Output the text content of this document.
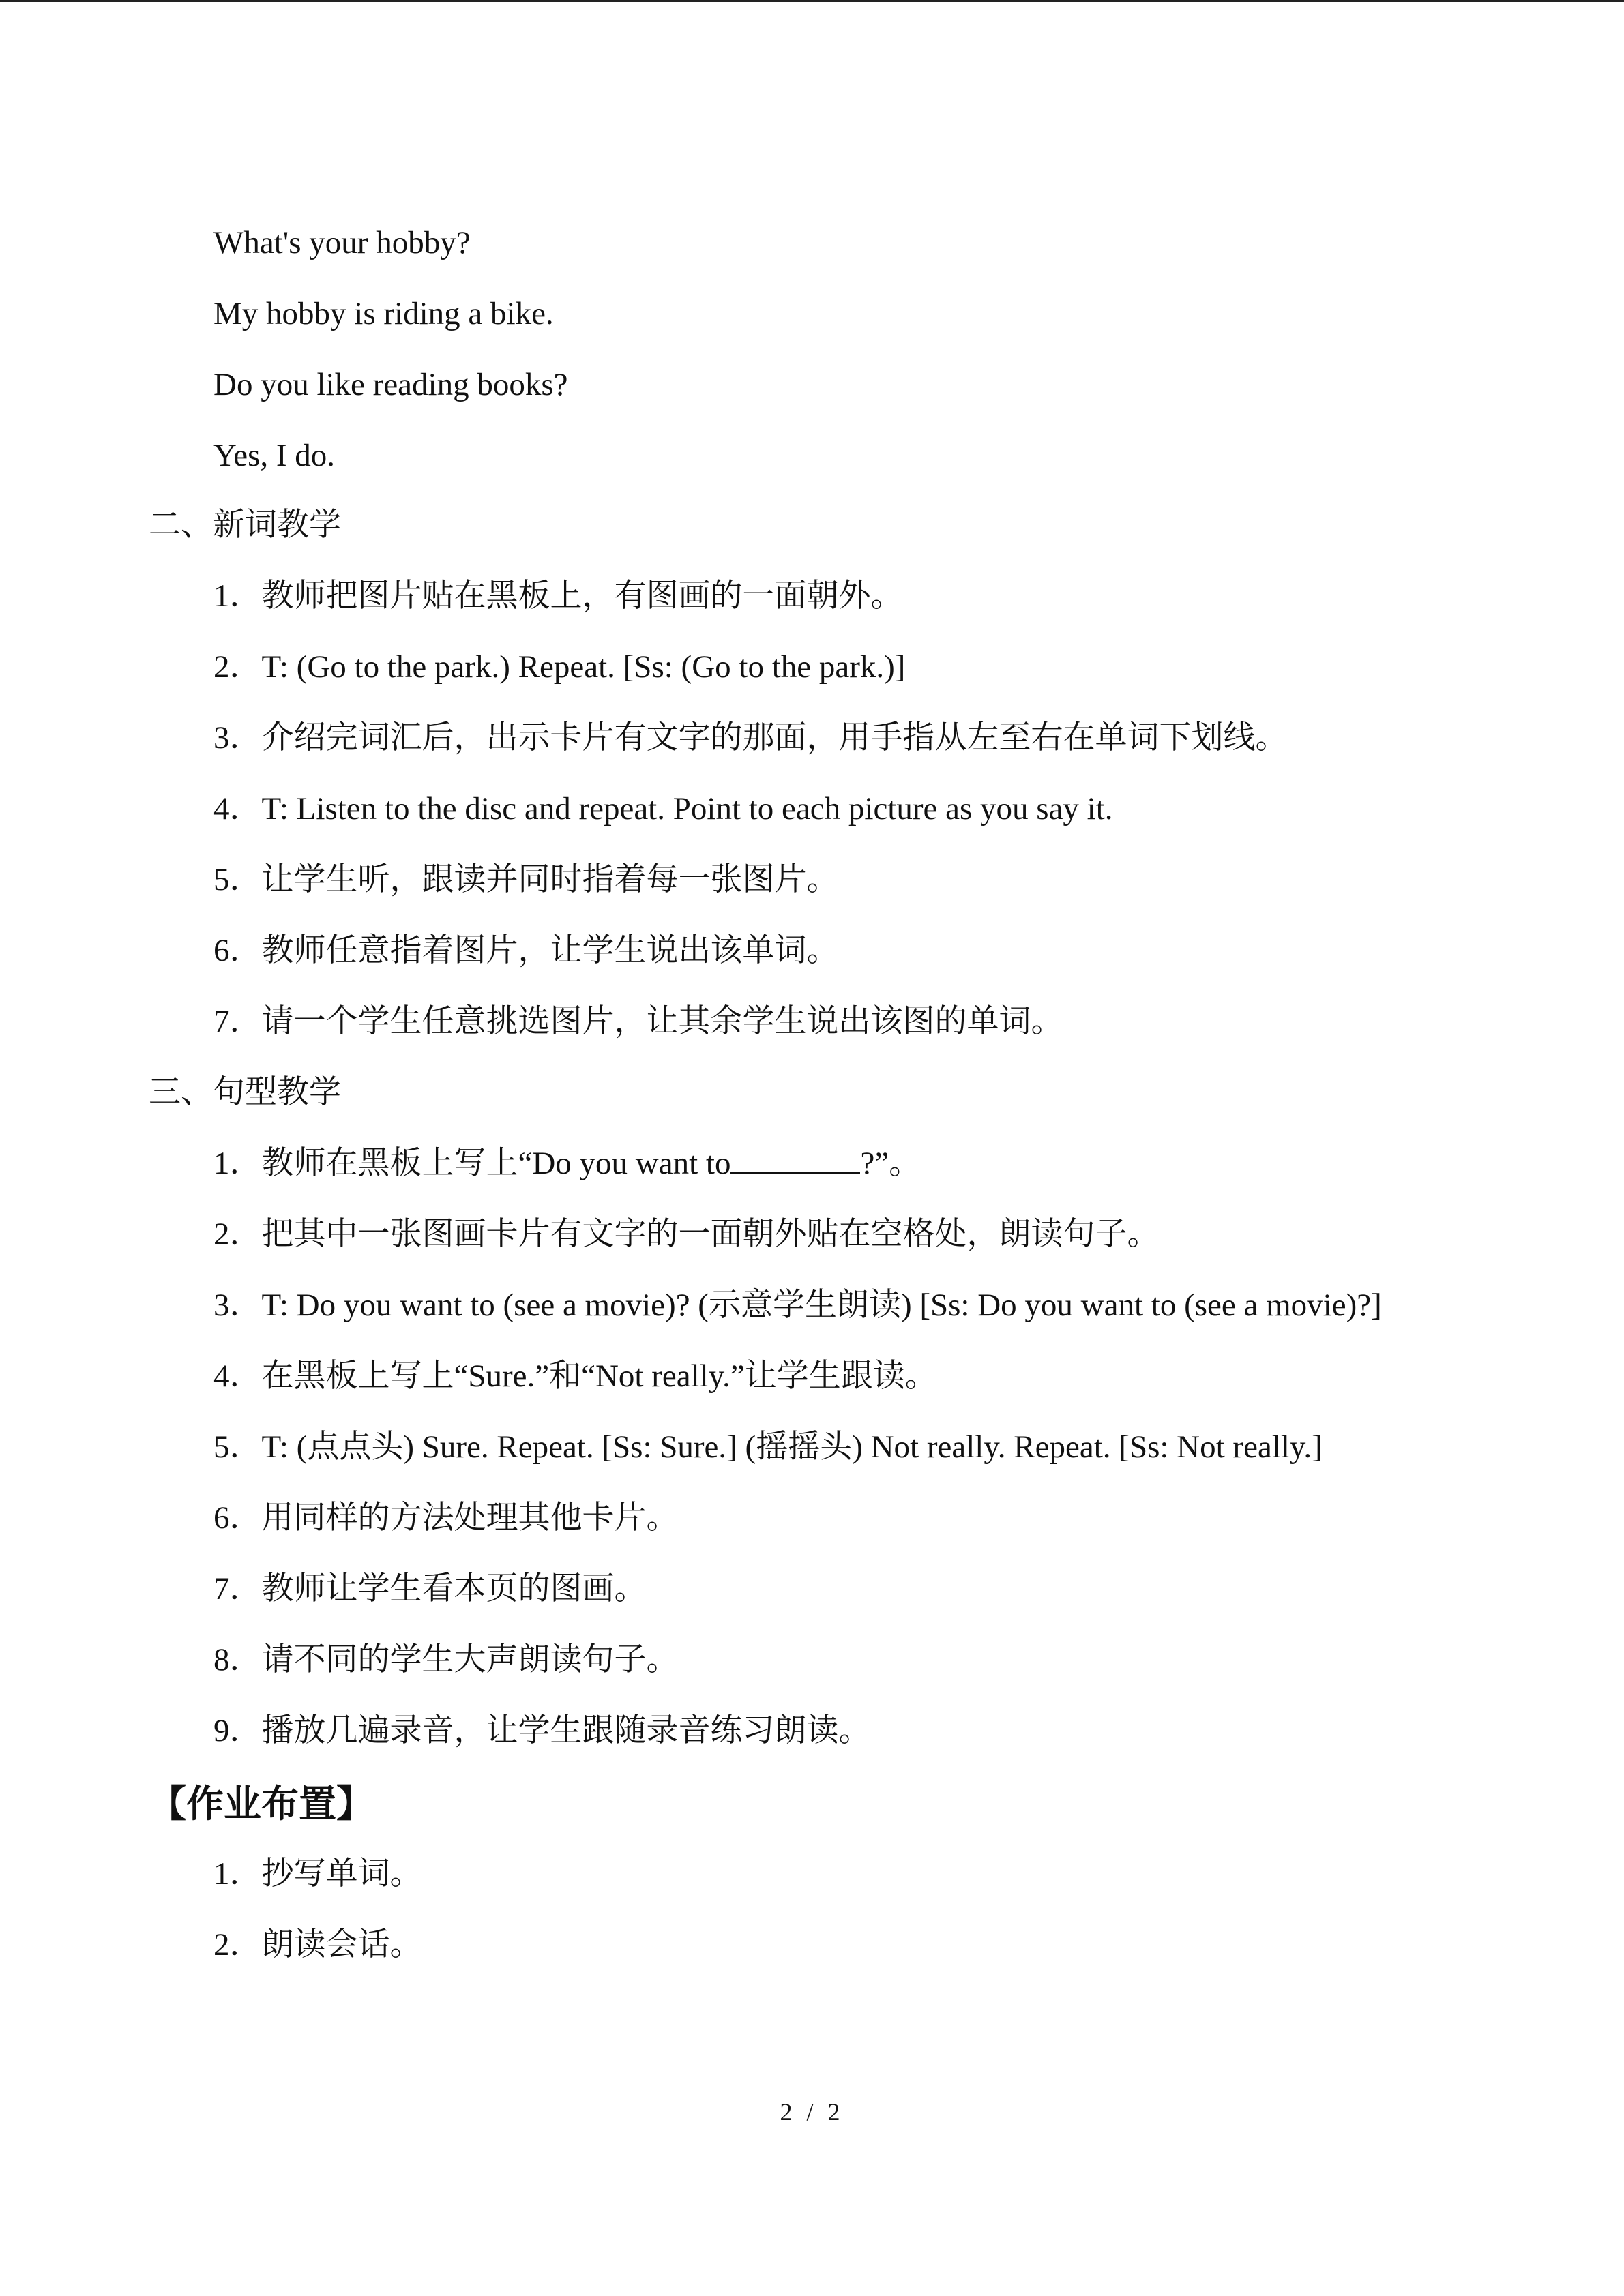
What's your hobby?
My hobby is riding a bike.
Do you like reading books?
Yes, I do.
二、新词教学
1．教师把图片贴在黑板上，有图画的一面朝外。
2．T: (Go to the park.) Repeat. [Ss: (Go to the park.)]
3．介绍完词汇后，出示卡片有文字的那面，用手指从左至右在单词下划线。
4．T: Listen to the disc and repeat. Point to each picture as you say it.
5．让学生听，跟读并同时指着每一张图片。
6．教师任意指着图片，让学生说出该单词。
7．请一个学生任意挑选图片，让其余学生说出该图的单词。
三、句型教学
1．教师在黑板上写上“Do you want to	?”。
2．把其中一张图画卡片有文字的一面朝外贴在空格处，朗读句子。
3．T: Do you want to (see a movie)? (示意学生朗读) [Ss: Do you want to (see a movie)?]
4．在黑板上写上“Sure.”和“Not really.”让学生跟读。
5．T: (点点头) Sure. Repeat. [Ss: Sure.] (摇摇头) Not really. Repeat. [Ss: Not really.]
6．用同样的方法处理其他卡片。
7．教师让学生看本页的图画。
8．请不同的学生大声朗读句子。
9．播放几遍录音，让学生跟随录音练习朗读。
【作业布置】
1．抄写单词。
2．朗读会话。
2 / 2
